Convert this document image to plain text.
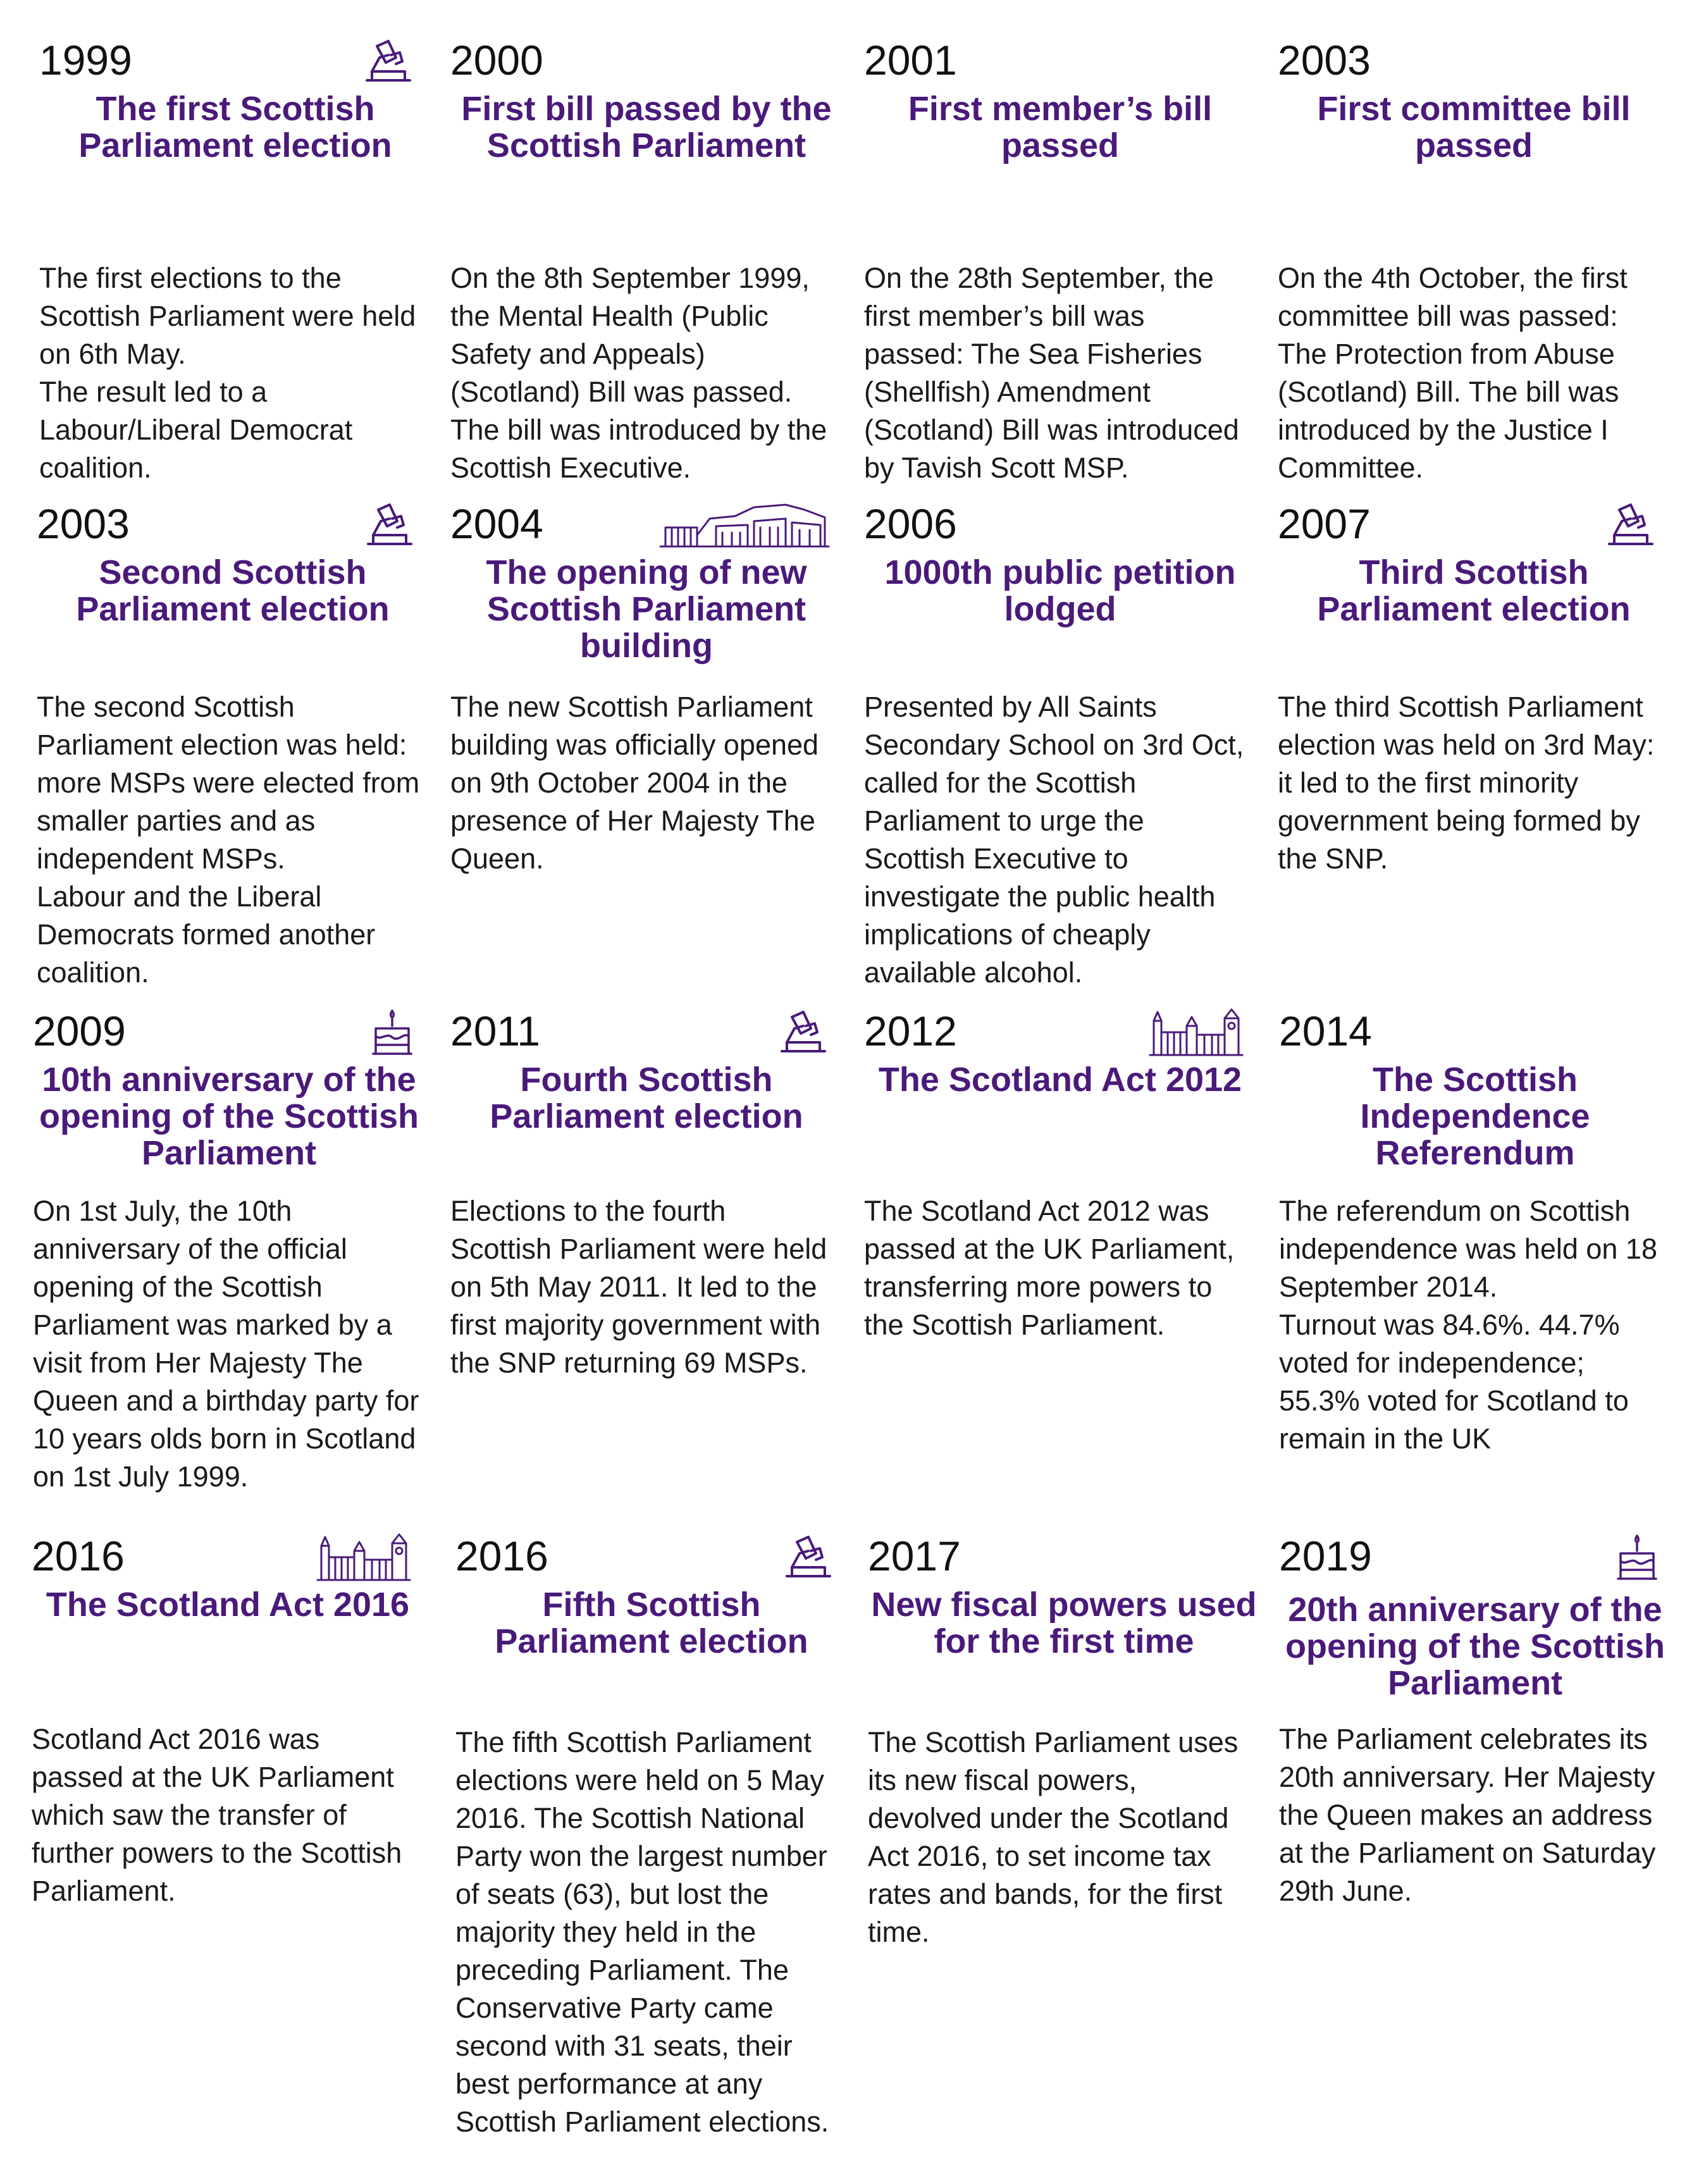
1999
The first Scottish Parliament election

The first elections to the Scottish Parliament were held on 6th May.

The result led to a Labour/Liberal Democrat coalition.

2000
First bill passed by the Scottish Parliament

On the 8th September 1999, the Mental Health (Public Safety and Appeals) (Scotland) Bill was passed. The bill was introduced by the Scottish Executive.

2001
First member’s bill passed

On the 28th September, the first member’s bill was passed: The Sea Fisheries (Shellfish) Amendment (Scotland) Bill was introduced by Tavish Scott MSP.

2003
First committee bill passed

On the 4th October, the first committee bill was passed: The Protection from Abuse (Scotland) Bill. The bill was introduced by the Justice I Committee.

2003
Second Scottish Parliament election

The second Scottish Parliament election was held: more MSPs were elected from smaller parties and as independent MSPs.

Labour and the Liberal Democrats formed another coalition.

2004
The opening of new Scottish Parliament building

The new Scottish Parliament building was officially opened on 9th October 2004 in the presence of Her Majesty The Queen.

2006
1000th public petition lodged

Presented by All Saints Secondary School on 3rd Oct, called for the Scottish Parliament to urge the Scottish Executive to investigate the public health implications of cheaply available alcohol.

2007
Third Scottish Parliament election

The third Scottish Parliament election was held on 3rd May: it led to the first minority government being formed by the SNP.

2009
10th anniversary of the opening of the Scottish Parliament

On 1st July, the 10th anniversary of the official opening of the Scottish Parliament was marked by a visit from Her Majesty The Queen and a birthday party for 10 years olds born in Scotland on 1st July 1999.

2011
Fourth Scottish Parliament election

Elections to the fourth Scottish Parliament were held on 5th May 2011. It led to the first majority government with the SNP returning 69 MSPs.

2012
The Scotland Act 2012

The Scotland Act 2012 was passed at the UK Parliament, transferring more powers to the Scottish Parliament.

2014
The Scottish Independence Referendum

The referendum on Scottish independence was held on 18 September 2014.

Turnout was 84.6%. 44.7% voted for independence; 55.3% voted for Scotland to remain in the UK

2016
The Scotland Act 2016

Scotland Act 2016 was passed at the UK Parliament which saw the transfer of further powers to the Scottish Parliament.

2016
Fifth Scottish Parliament election

The fifth Scottish Parliament elections were held on 5 May 2016. The Scottish National Party won the largest number of seats (63), but lost the majority they held in the preceding Parliament. The Conservative Party came second with 31 seats, their best performance at any Scottish Parliament elections.

2017
New fiscal powers used for the first time

The Scottish Parliament uses its new fiscal powers, devolved under the Scotland Act 2016, to set income tax rates and bands, for the first time.

2019
20th anniversary of the opening of the Scottish Parliament

The Parliament celebrates its 20th anniversary. Her Majesty the Queen makes an address at the Parliament on Saturday 29th June.
